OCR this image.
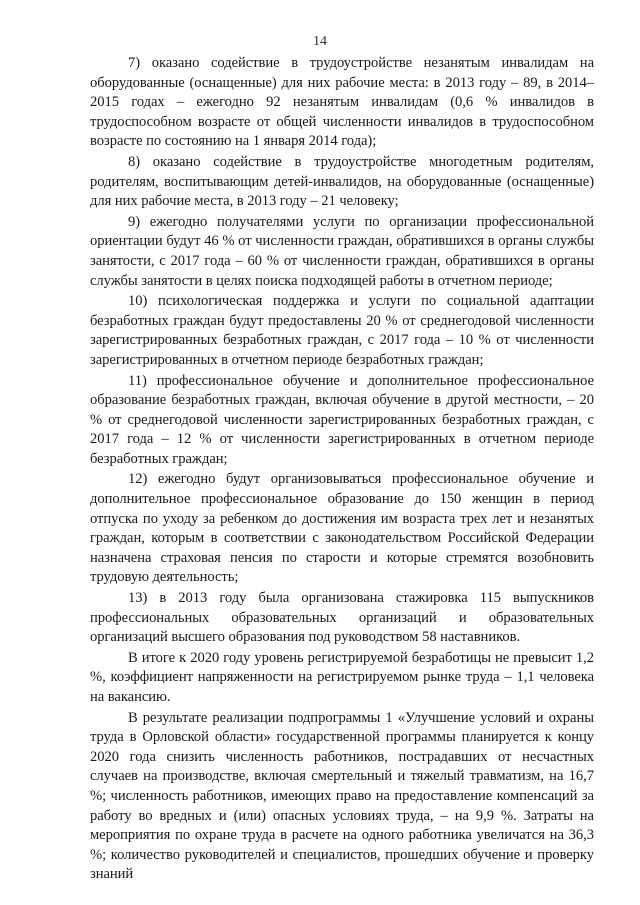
14

7) оказано содействие в трудоустройстве незанятым инвалидам на оборудованные (оснащенные) для них рабочие места: в 2013 году – 89, в 2014–2015 годах – ежегодно 92 незанятым инвалидам (0,6 % инвалидов в трудоспособном возрасте от общей численности инвалидов в трудоспособном возрасте по состоянию на 1 января 2014 года);

8) оказано содействие в трудоустройстве многодетным родителям, родителям, воспитывающим детей-инвалидов, на оборудованные (оснащенные) для них рабочие места, в 2013 году – 21 человеку;

9) ежегодно получателями услуги по организации профессиональной ориентации будут 46 % от численности граждан, обратившихся в органы службы занятости, с 2017 года – 60 % от численности граждан, обратившихся в органы службы занятости в целях поиска подходящей работы в отчетном периоде;

10) психологическая поддержка и услуги по социальной адаптации безработных граждан будут предоставлены 20 % от среднегодовой численности зарегистрированных безработных граждан, с 2017 года – 10 % от численности зарегистрированных в отчетном периоде безработных граждан;

11) профессиональное обучение и дополнительное профессиональное образование безработных граждан, включая обучение в другой местности, – 20 % от среднегодовой численности зарегистрированных безработных граждан, с 2017 года – 12 % от численности зарегистрированных в отчетном периоде безработных граждан;

12) ежегодно будут организовываться профессиональное обучение и дополнительное профессиональное образование до 150 женщин в период отпуска по уходу за ребенком до достижения им возраста трех лет и незанятых граждан, которым в соответствии с законодательством Российской Федерации назначена страховая пенсия по старости и которые стремятся возобновить трудовую деятельность;

13) в 2013 году была организована стажировка 115 выпускников профессиональных образовательных организаций и образовательных организаций высшего образования под руководством 58 наставников.

В итоге к 2020 году уровень регистрируемой безработицы не превысит 1,2 %, коэффициент напряженности на регистрируемом рынке труда – 1,1 человека на вакансию.

В результате реализации подпрограммы 1 «Улучшение условий и охраны труда в Орловской области» государственной программы планируется к концу 2020 года снизить численность работников, пострадавших от несчастных случаев на производстве, включая смертельный и тяжелый травматизм, на 16,7 %; численность работников, имеющих право на предоставление компенсаций за работу во вредных и (или) опасных условиях труда, – на 9,9 %. Затраты на мероприятия по охране труда в расчете на одного работника увеличатся на 36,3 %; количество руководителей и специалистов, прошедших обучение и проверку знаний
